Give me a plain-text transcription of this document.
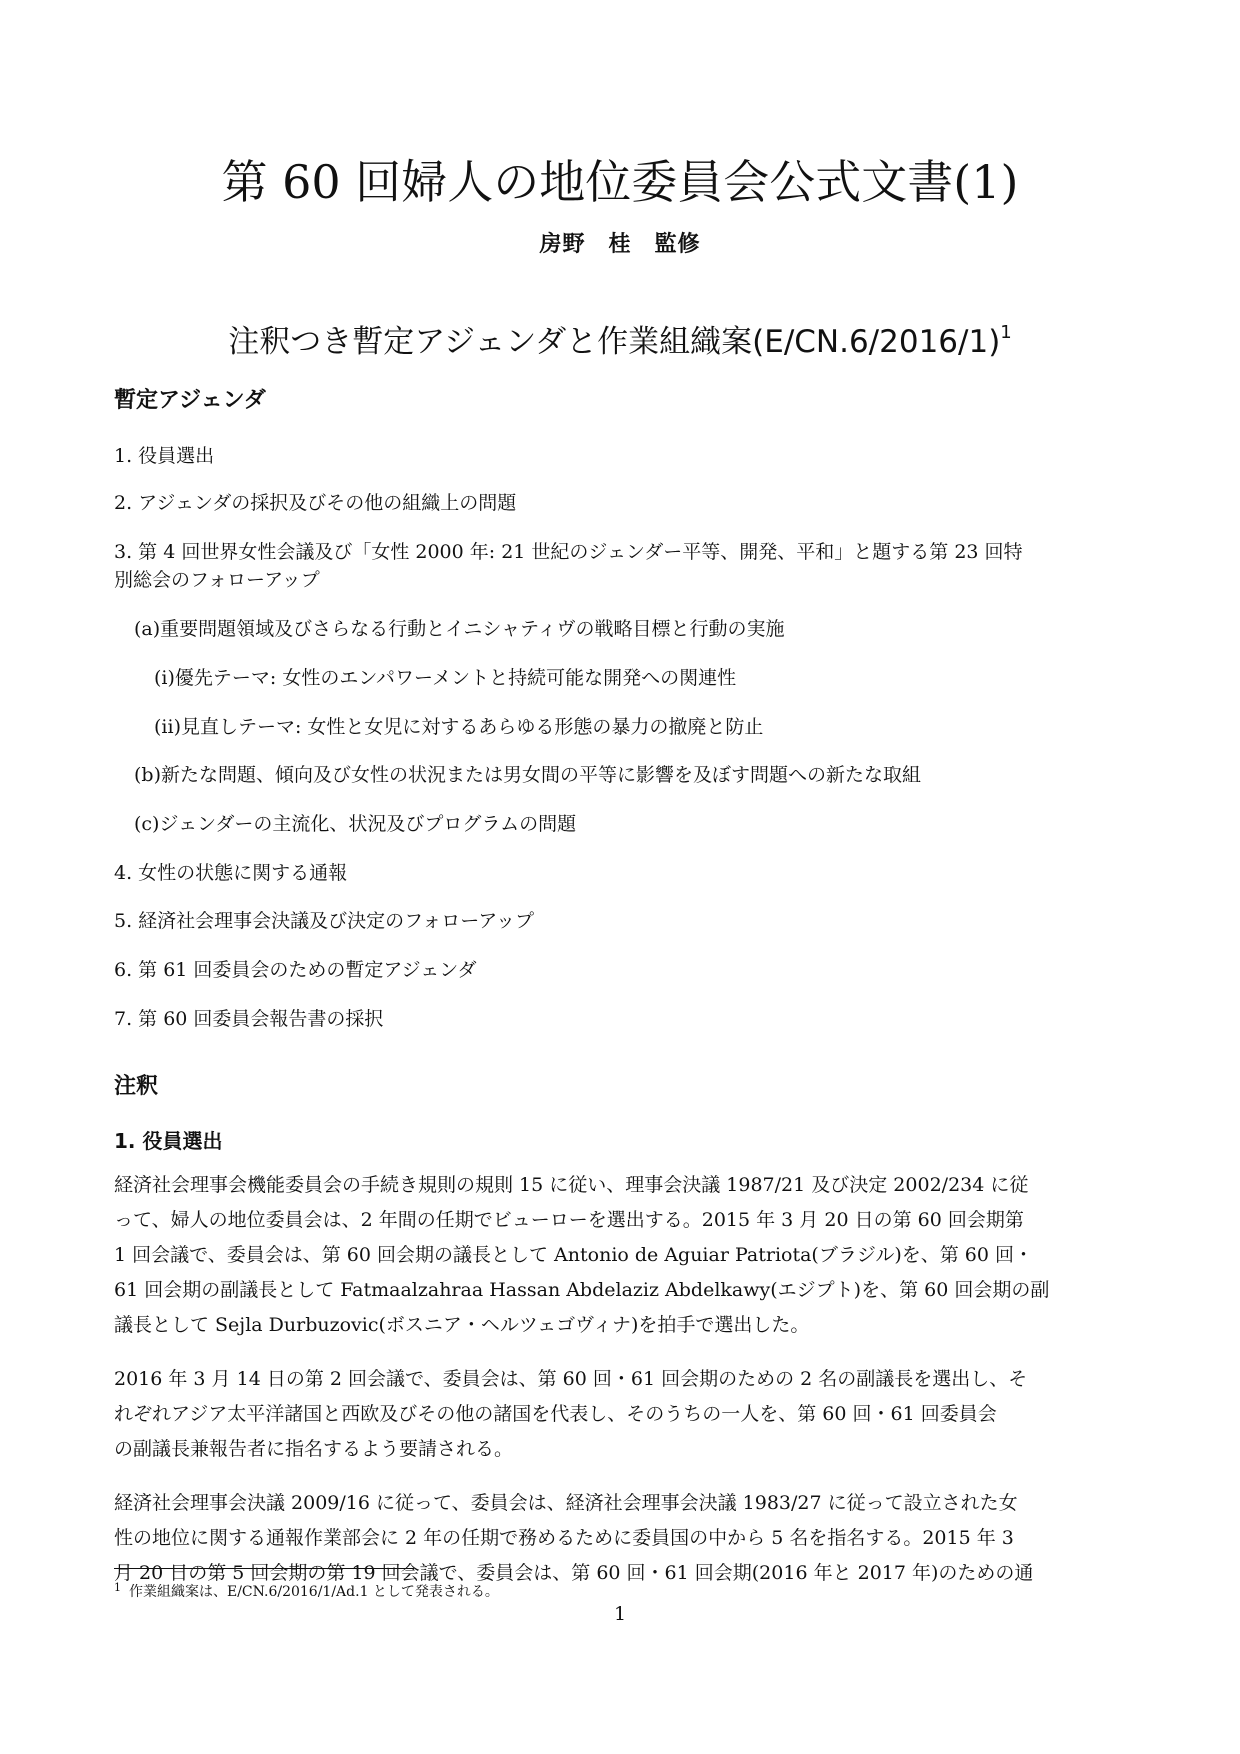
第 60 回婦人の地位委員会公式文書(1)
房野　桂　監修
注釈つき暫定アジェンダと作業組織案$(E/CN.6/2016/1)^1$
暫定アジェンダ
1. 役員選出
2. アジェンダの採択及びその他の組織上の問題
3. 第 4 回世界女性会議及び「女性 2000 年: 21 世紀のジェンダー平等、開発、平和」と題する第 23 回特
別総会のフォローアップ
(a)重要問題領域及びさらなる行動とイニシャティヴの戦略目標と行動の実施
(i)優先テーマ: 女性のエンパワーメントと持続可能な開発への関連性
(ii)見直しテーマ: 女性と女児に対するあらゆる形態の暴力の撤廃と防止
(b)新たな問題、傾向及び女性の状況または男女間の平等に影響を及ぼす問題への新たな取組
(c)ジェンダーの主流化、状況及びプログラムの問題
4. 女性の状態に関する通報
5. 経済社会理事会決議及び決定のフォローアップ
6. 第 61 回委員会のための暫定アジェンダ
7. 第 60 回委員会報告書の採択
注釈
1. 役員選出
経済社会理事会機能委員会の手続き規則の規則 15 に従い、理事会決議 1987/21 及び決定 2002/234 に従
って、婦人の地位委員会は、2 年間の任期でビューローを選出する。2015 年 3 月 20 日の第 60 回会期第
1 回会議で、委員会は、第 60 回会期の議長として Antonio de Aguiar Patriota(ブラジル)を、第 60 回・
61 回会期の副議長として Fatmaalzahraa Hassan Abdelaziz Abdelkawy(エジプト)を、第 60 回会期の副
議長として Sejla Durbuzovic(ボスニア・ヘルツェゴヴィナ)を拍手で選出した。
2016 年 3 月 14 日の第 2 回会議で、委員会は、第 60 回・61 回会期のための 2 名の副議長を選出し、そ
れぞれアジア太平洋諸国と西欧及びその他の諸国を代表し、そのうちの一人を、第 60 回・61 回委員会
の副議長兼報告者に指名するよう要請される。
経済社会理事会決議 2009/16 に従って、委員会は、経済社会理事会決議 1983/27 に従って設立された女
性の地位に関する通報作業部会に 2 年の任期で務めるために委員国の中から 5 名を指名する。2015 年 3
月 20 日の第 5 回会期の第 19 回会議で、委員会は、第 60 回・61 回会期(2016 年と 2017 年)のための通
$^1$ 作業組織案は、E/CN.6/2016/1/Ad.1 として発表される。
1
